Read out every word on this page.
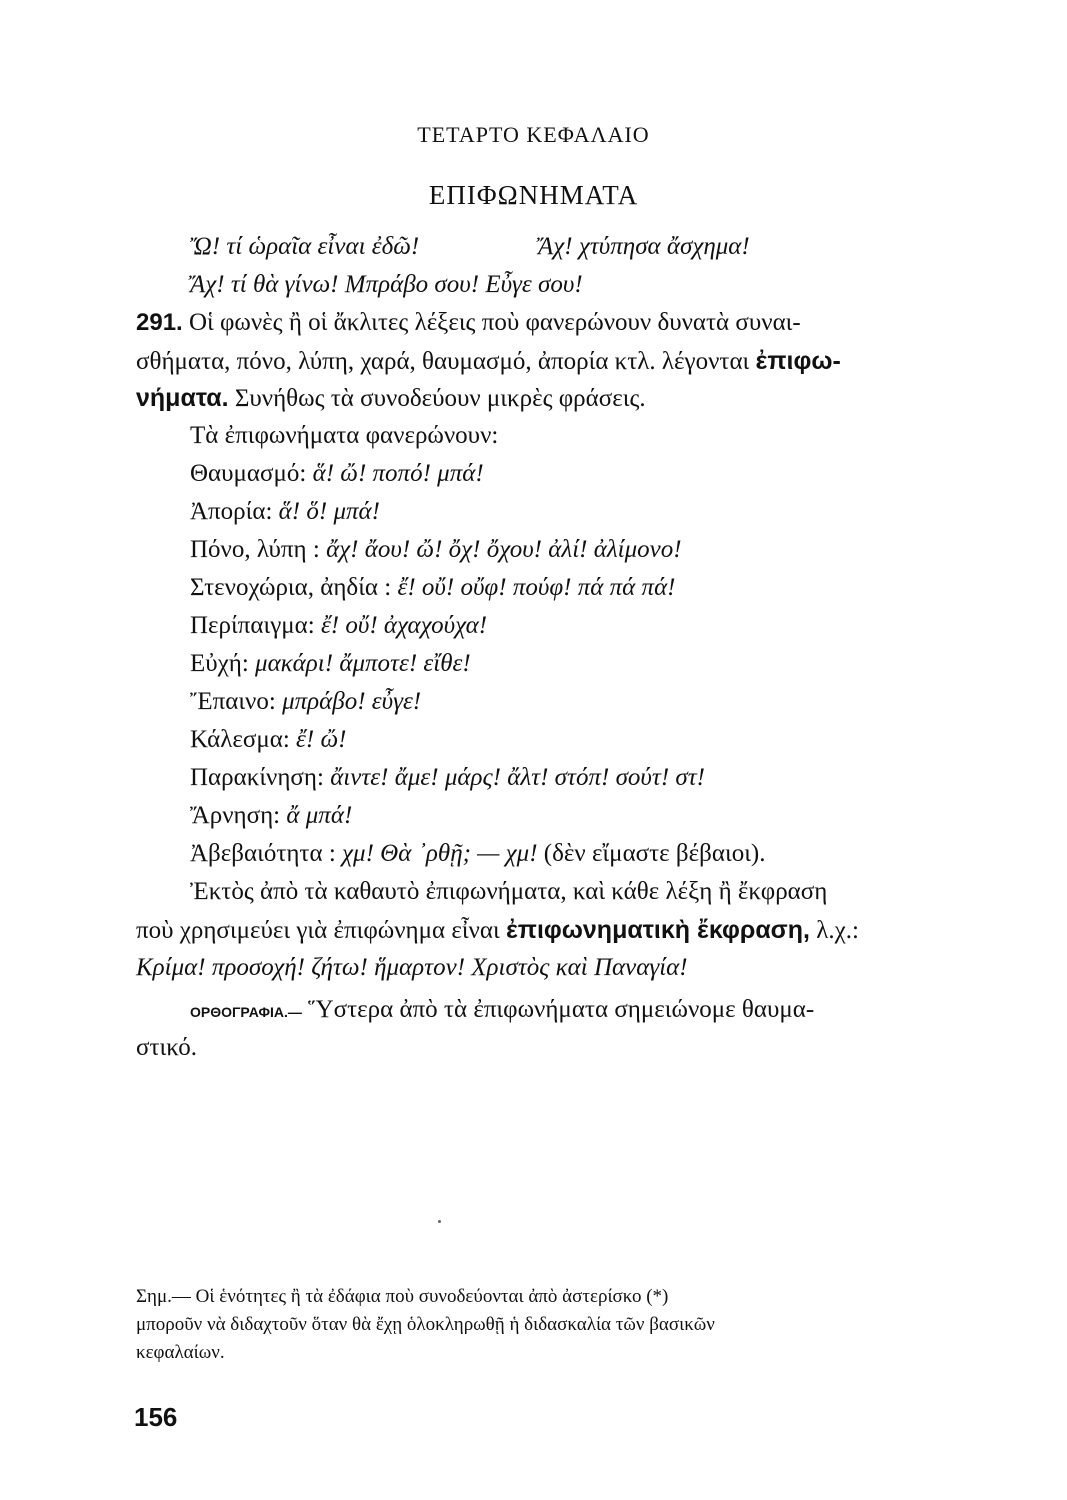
ΤΕΤΑΡΤΟ ΚΕΦΑΛΑΙΟ
ΕΠΙΦΩΝΗΜΑΤΑ
Ὤ! τί ὡραῖα εἶναι ἐδῶ!	Ἄχ! χτύπησα ἄσχημα!
Ἄχ! τί θὰ γίνω! Μπράβο σου! Εὖγε σου!
291. Οἱ φωνὲς ἢ οἱ ἄκλιτες λέξεις ποὺ φανερώνουν δυνατὰ συναι-
σθήματα, πόνο, λύπη, χαρά, θαυμασμό, ἀπορία κτλ. λέγονται ἐπιφω-
νήματα. Συνήθως τὰ συνοδεύουν μικρὲς φράσεις.
Τὰ ἐπιφωνήματα φανερώνουν:
Θαυμασμό: ἅ! ὤ! ποπό! μπά!
Ἀπορία: ἅ! ὅ! μπά!
Πόνο, λύπη : ἄχ! ἄου! ὤ! ὄχ! ὄχου! ἀλί! ἀλίμονο!
Στενοχώρια, ἀηδία : ἔ! οὔ! οὔφ! πούφ! πά πά πά!
Περίπαιγμα: ἔ! οὔ! ἀχαχούχα!
Εὐχή: μακάρι! ἄμποτε! εἴθε!
Ἔπαινο: μπράβο! εὖγε!
Κάλεσμα: ἔ! ὤ!
Παρακίνηση: ἄιντε! ἄμε! μάρς! ἄλτ! στόπ! σούτ! στ!
Ἄρνηση: ἄ μπά!
Ἀβεβαιότητα : χμ! Θὰ ᾽ρθῇ; — χμ! (δὲν εἴμαστε βέβαιοι).
Ἐκτὸς ἀπὸ τὰ καθαυτὸ ἐπιφωνήματα, καὶ κάθε λέξη ἢ ἔκφραση
ποὺ χρησιμεύει γιὰ ἐπιφώνημα εἶναι ἐπιφωνηματικὴ ἔκφραση, λ.χ.:
Κρίμα! προσοχή! ζήτω! ἥμαρτον! Χριστὸς καὶ Παναγία!
ΟΡΘΟΓΡΑΦΙΑ.— Ὕστερα ἀπὸ τὰ ἐπιφωνήματα σημειώνομε θαυμα-
στικό.
Σημ.— Οἱ ἑνότητες ἢ τὰ ἐδάφια ποὺ συνοδεύονται ἀπὸ ἀστερίσκο (*)
μποροῦν νὰ διδαχτοῦν ὅταν θὰ ἔχῃ ὁλοκληρωθῇ ἡ διδασκαλία τῶν βασικῶν
κεφαλαίων.
156
